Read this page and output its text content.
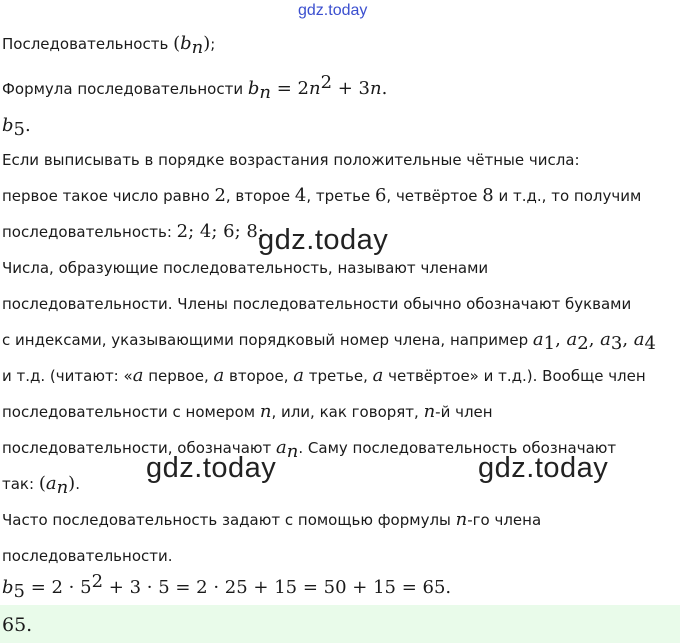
gdz.today
Последовательность $(b_n)$;
Формула последовательности $b_n = 2n^2 + 3n$.
$b_5$.
Если выписывать в порядке возрастания положительные чётные числа:
первое такое число равно 2, второе 4, третье 6, четвёртое 8 и т.д., то получим
последовательность: 2; 4; 6; 8;
gdz.today
Числа, образующие последовательность, называют членами
последовательности. Члены последовательности обычно обозначают буквами
с индексами, указывающими порядковый номер члена, например $a_1$, $a_2$, $a_3$, $a_4$
и т.д. (читают: «a первое, a второе, a третье, a четвёртое» и т.д.). Вообще член
последовательности с номером n, или, как говорят, n-й член
последовательности, обозначают $a_n$. Саму последовательность обозначают
так: $(a_n)$. gdz.today	gdz.today
Часто последовательность задают с помощью формулы n-го члена
последовательности.
$b_5 = 2 \cdot 5^2 + 3 \cdot 5 = 2 \cdot 25 + 15 = 50 + 15 = 65$.
65.
